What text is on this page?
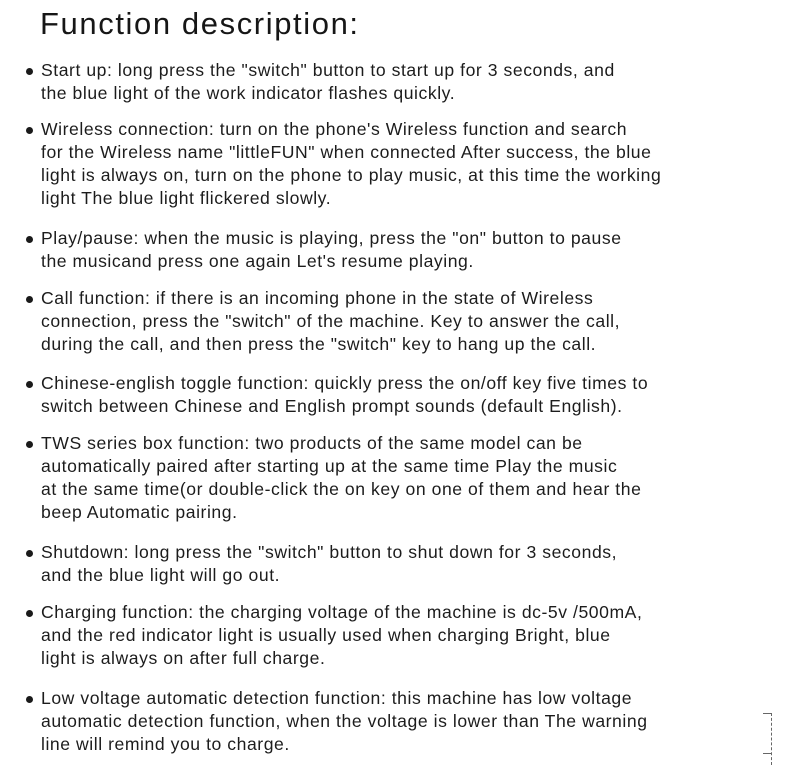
Function description:

Start up: long press the "switch" button to start up for 3 seconds, and

the blue light of the work indicator flashes quickly.

Wireless connection: turn on the phone's Wireless function and search

for the Wireless name "littleFUN" when connected After success, the blue

light is always on, turn on the phone to play music, at this time the working

light The blue light flickered slowly.

Play/pause: when the music is playing, press the "on" button to pause

the musicand press one again Let's resume playing.

Call function: if there is an incoming phone in the state of Wireless

connection, press the "switch" of the machine. Key to answer the call,

during the call, and then press the "switch" key to hang up the call.

Chinese-english toggle function: quickly press the on/off key five times to

switch between Chinese and English prompt sounds (default English).

TWS series box function: two products of the same model can be

automatically paired after starting up at the same time Play the music

at the same time(or double-click the on key on one of them and hear the

beep Automatic pairing.

Shutdown: long press the "switch" button to shut down for 3 seconds,

and the blue light will go out.

Charging function: the charging voltage of the machine is dc-5v /500mA,

and the red indicator light is usually used when charging Bright, blue

light is always on after full charge.

Low voltage automatic detection function: this machine has low voltage

automatic detection function, when the voltage is lower than The warning

line will remind you to charge.
